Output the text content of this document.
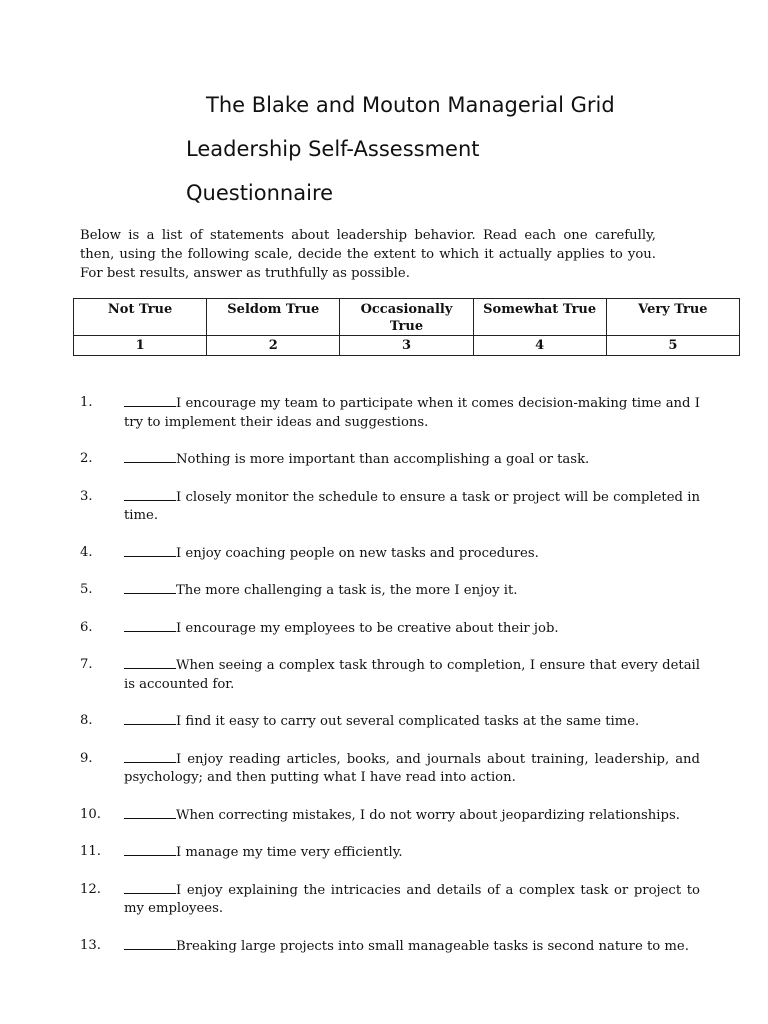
The Blake and Mouton Managerial Grid
Leadership Self-Assessment
Questionnaire

Below is a list of statements about leadership behavior. Read each one carefully, then, using the following scale, decide the extent to which it actually applies to you. For best results, answer as truthfully as possible.

Not True	Seldom True	Occasionally True	Somewhat True	Very True
1	2	3	4	5
1.	I encourage my team to participate when it comes decision-making time and I try to implement their ideas and suggestions.
2.	Nothing is more important than accomplishing a goal or task.
3.	I closely monitor the schedule to ensure a task or project will be completed in time.
4.	I enjoy coaching people on new tasks and procedures.
5.	The more challenging a task is, the more I enjoy it.
6.	I encourage my employees to be creative about their job.
7.	When seeing a complex task through to completion, I ensure that every detail is accounted for.
8.	I find it easy to carry out several complicated tasks at the same time.
9.	I enjoy reading articles, books, and journals about training, leadership, and psychology; and then putting what I have read into action.
10.	When correcting mistakes, I do not worry about jeopardizing relationships.
11.	I manage my time very efficiently.
12.	I enjoy explaining the intricacies and details of a complex task or project to my employees.
13.	Breaking large projects into small manageable tasks is second nature to me.
